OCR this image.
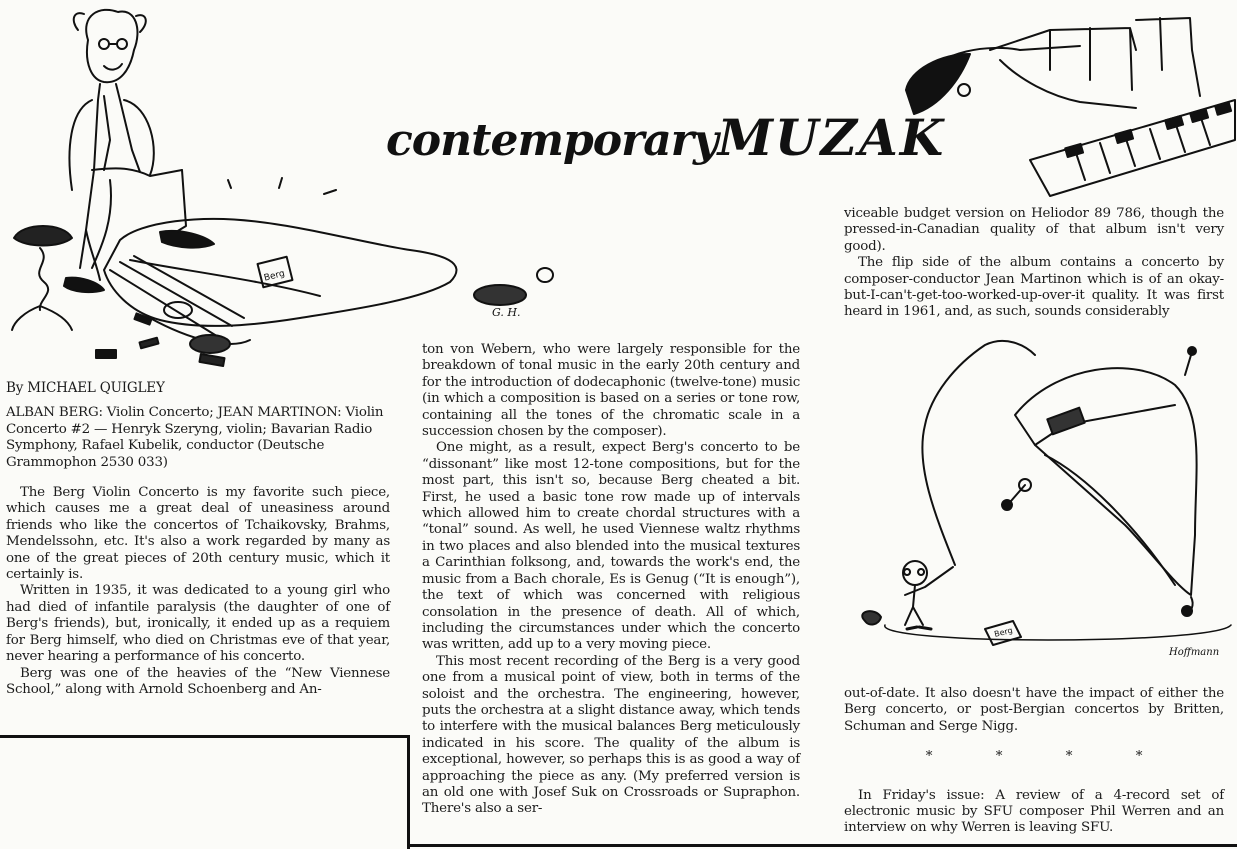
contemporaryMUZAK
Berg
G. H.
Berg
Hoffmann

By MICHAEL QUIGLEY

ALBAN BERG: Violin Concerto; JEAN MARTINON: Violin Concerto #2 — Henryk Szeryng, violin; Bavarian Radio Symphony, Rafael Kubelik, conductor (Deutsche Grammophon 2530 033)

The Berg Violin Concerto is my favorite such piece, which causes me a great deal of uneasiness around friends who like the concertos of Tchaikovsky, Brahms, Mendelssohn, etc. It's also a work regarded by many as one of the great pieces of 20th century music, which it certainly is.

Written in 1935, it was dedicated to a young girl who had died of infantile paralysis (the daughter of one of Berg's friends), but, ironically, it ended up as a requiem for Berg himself, who died on Christmas eve of that year, never hearing a performance of his concerto.

Berg was one of the heavies of the “New Viennese School,” along with Arnold Schoenberg and An-

ton von Webern, who were largely responsible for the breakdown of tonal music in the early 20th century and for the introduction of dodecaphonic (twelve-tone) music (in which a composition is based on a series or tone row, containing all the tones of the chromatic scale in a succession chosen by the composer).

One might, as a result, expect Berg's concerto to be “dissonant” like most 12-tone compositions, but for the most part, this isn't so, because Berg cheated a bit. First, he used a basic tone row made up of intervals which allowed him to create chordal structures with a “tonal” sound. As well, he used Viennese waltz rhythms in two places and also blended into the musical textures a Carinthian folksong, and, towards the work's end, the music from a Bach chorale, Es is Genug (“It is enough”), the text of which was concerned with religious consolation in the presence of death. All of which, including the circumstances under which the concerto was written, add up to a very moving piece.

This most recent recording of the Berg is a very good one from a musical point of view, both in terms of the soloist and the orchestra. The engineering, however, puts the orchestra at a slight distance away, which tends to interfere with the musical balances Berg meticulously indicated in his score. The quality of the album is exceptional, however, so perhaps this is as good a way of approaching the piece as any. (My preferred version is an old one with Josef Suk on Crossroads or Supraphon. There's also a ser-

viceable budget version on Heliodor 89 786, though the pressed-in-Canadian quality of that album isn't very good).

The flip side of the album contains a concerto by composer-conductor Jean Martinon which is of an okay-but-I-can't-get-too-worked-up-over-it quality. It was first heard in 1961, and, as such, sounds considerably

out-of-date. It also doesn't have the impact of either the Berg concerto, or post-Bergian concertos by Britten, Schuman and Serge Nigg.

*	*	*	*

In Friday's issue: A review of a 4-record set of electronic music by SFU composer Phil Werren and an interview on why Werren is leaving SFU.
